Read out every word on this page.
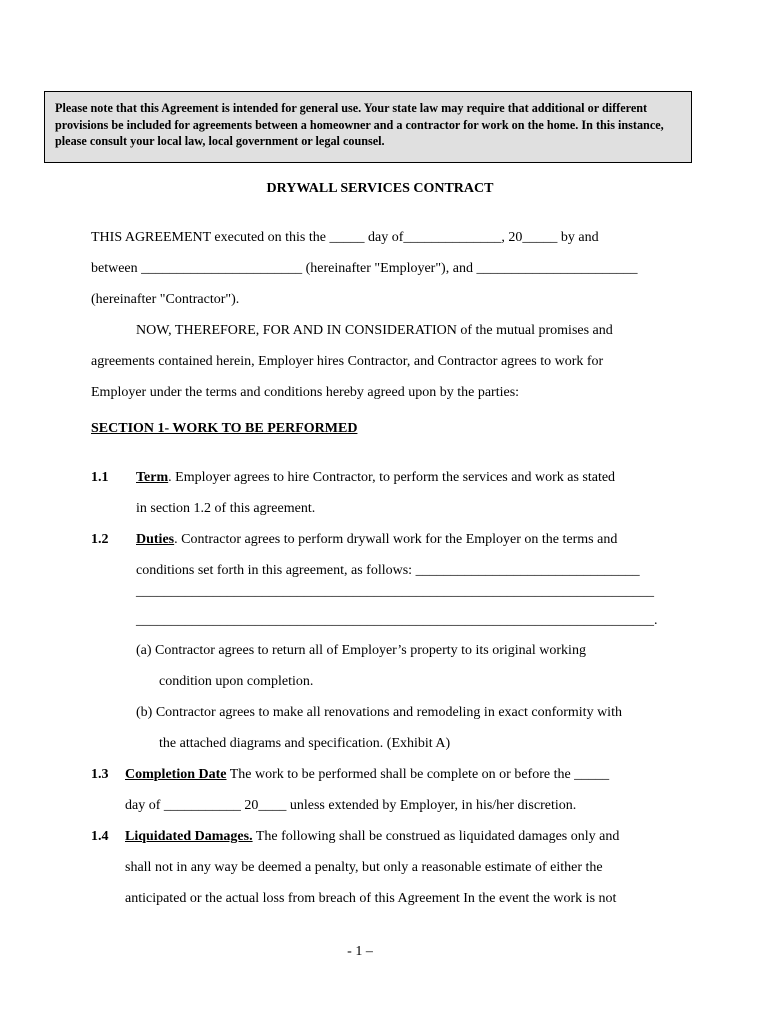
Please note that this Agreement is intended for general use. Your state law may require that additional or different provisions be included for agreements between a homeowner and a contractor for work on the home. In this instance, please consult your local law, local government or legal counsel.
DRYWALL SERVICES CONTRACT
THIS AGREEMENT executed on this the _____ day of______________, 20_____ by and
between _______________________ (hereinafter "Employer"), and _______________________
(hereinafter "Contractor").
NOW, THEREFORE, FOR AND IN CONSIDERATION of the mutual promises and
agreements contained herein, Employer hires Contractor, and Contractor agrees to work for
Employer under the terms and conditions hereby agreed upon by the parties:
SECTION 1- WORK TO BE PERFORMED
1.1 Term. Employer agrees to hire Contractor, to perform the services and work as stated
in section 1.2 of this agreement.
1.2 Duties. Contractor agrees to perform drywall work for the Employer on the terms and
conditions set forth in this agreement, as follows: ________________________________
__________________________________________________________________________
__________________________________________________________________________.
(a) Contractor agrees to return all of Employer’s property to its original working
condition upon completion.
(b) Contractor agrees to make all renovations and remodeling in exact conformity with
the attached diagrams and specification. (Exhibit A)
1.3 Completion Date The work to be performed shall be complete on or before the _____
day of ___________ 20____ unless extended by Employer, in his/her discretion.
1.4 Liquidated Damages. The following shall be construed as liquidated damages only and
shall not in any way be deemed a penalty, but only a reasonable estimate of either the
anticipated or the actual loss from breach of this Agreement In the event the work is not
- 1 –
